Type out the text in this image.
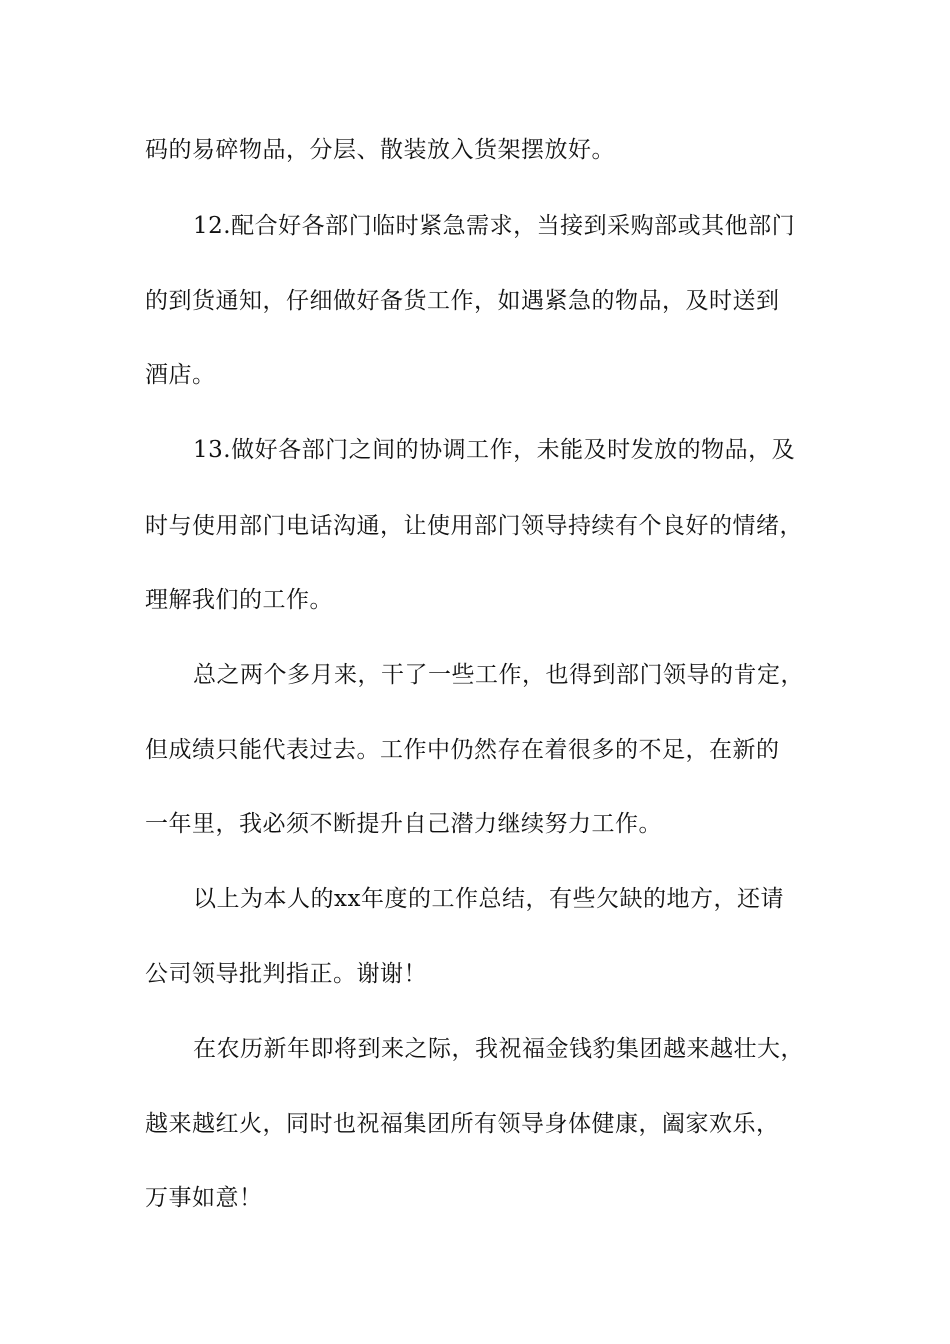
码的易碎物品，分层、散装放入货架摆放好。
12.配合好各部门临时紧急需求，当接到采购部或其他部门
的到货通知，仔细做好备货工作，如遇紧急的物品，及时送到
酒店。
13.做好各部门之间的协调工作，未能及时发放的物品，及
时与使用部门电话沟通，让使用部门领导持续有个良好的情绪，
理解我们的工作。
总之两个多月来，干了一些工作，也得到部门领导的肯定，
但成绩只能代表过去。工作中仍然存在着很多的不足，在新的
一年里，我必须不断提升自己潜力继续努力工作。
以上为本人的xx年度的工作总结，有些欠缺的地方，还请
公司领导批判指正。谢谢！
在农历新年即将到来之际，我祝福金钱豹集团越来越壮大，
越来越红火，同时也祝福集团所有领导身体健康，阖家欢乐，
万事如意！
